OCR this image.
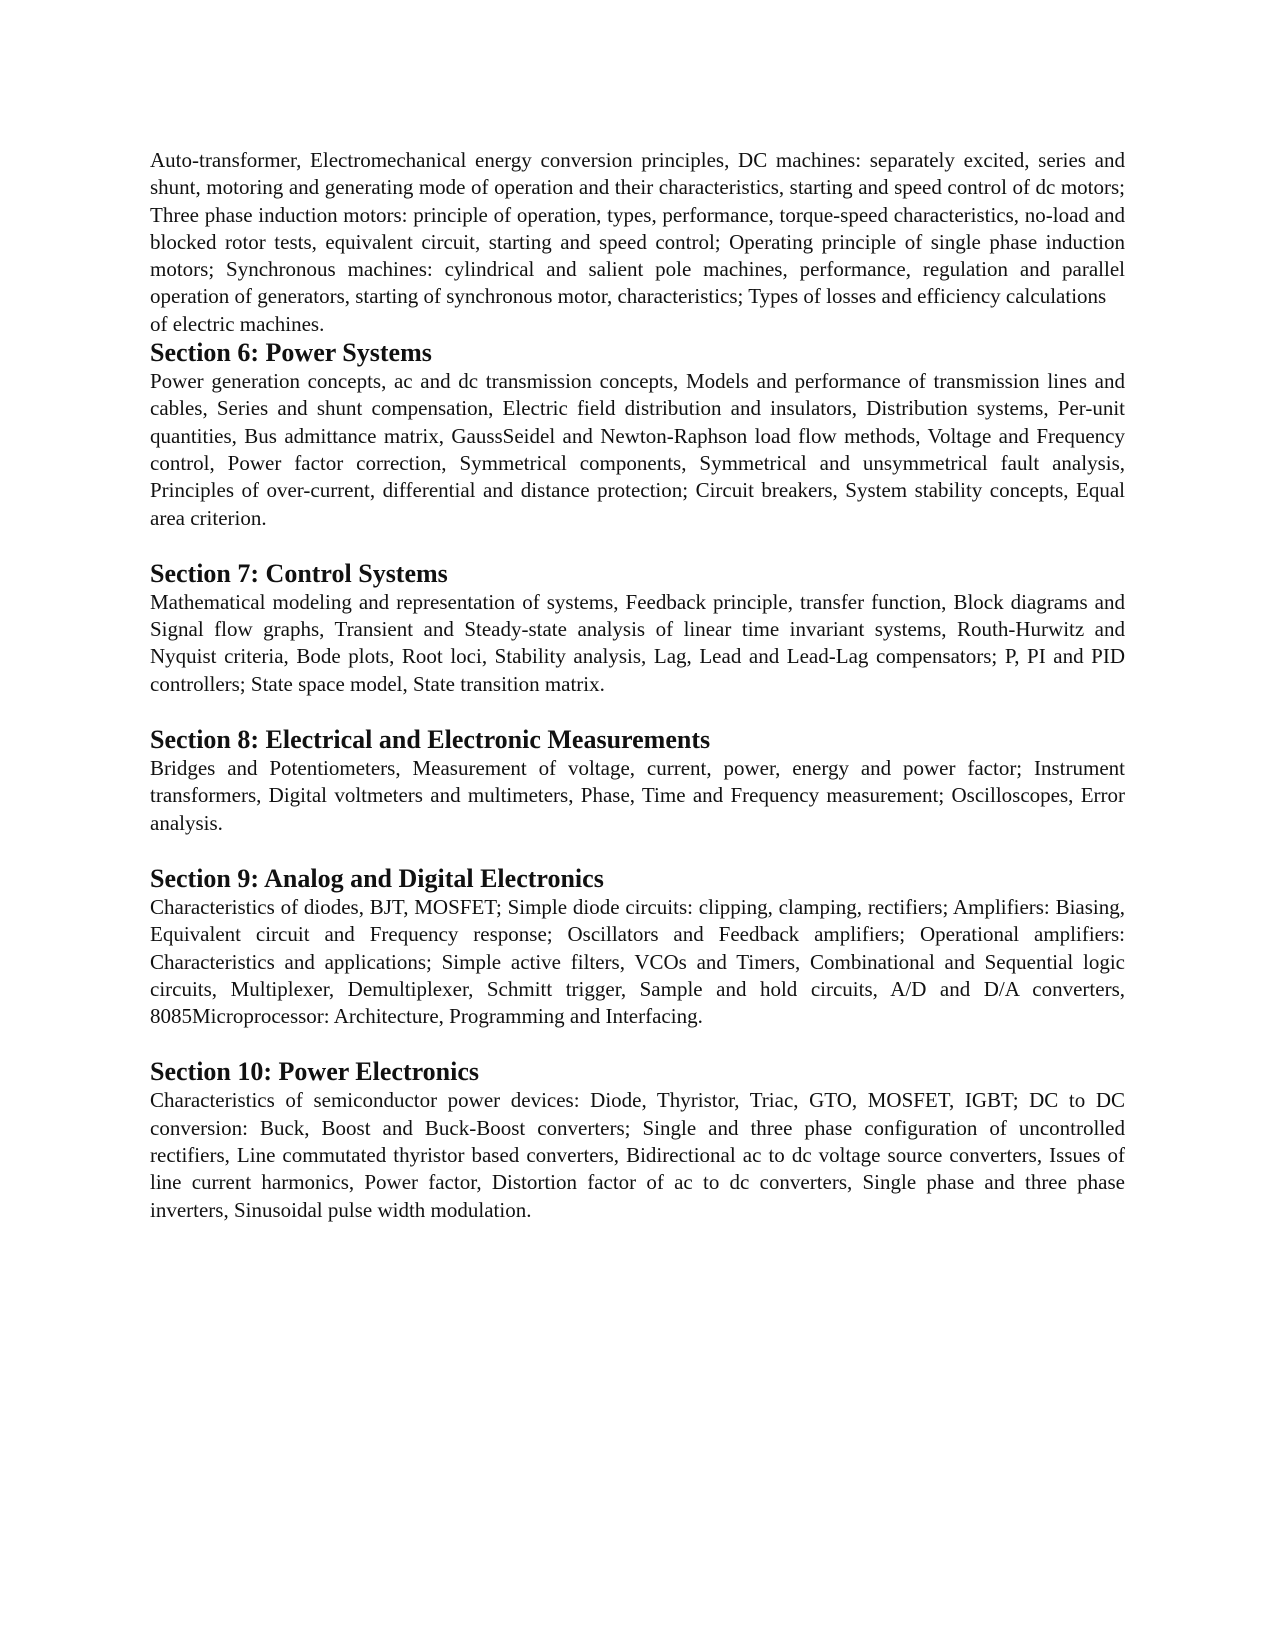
Auto-transformer, Electromechanical energy conversion principles, DC machines: separately excited, series and shunt, motoring and generating mode of operation and their characteristics, starting and speed control of dc motors; Three phase induction motors: principle of operation, types, performance, torque-speed characteristics, no-load and blocked rotor tests, equivalent circuit, starting and speed control; Operating principle of single phase induction motors; Synchronous machines: cylindrical and salient pole machines, performance, regulation and parallel operation of generators, starting of synchronous motor, characteristics; Types of losses and efficiency calculations

of electric machines.

Section 6: Power Systems

Power generation concepts, ac and dc transmission concepts, Models and performance of transmission lines and cables, Series and shunt compensation, Electric field distribution and insulators, Distribution systems, Per-unit quantities, Bus admittance matrix, GaussSeidel and Newton-Raphson load flow methods, Voltage and Frequency control, Power factor correction, Symmetrical components, Symmetrical and unsymmetrical fault analysis, Principles of over-current, differential and distance protection; Circuit breakers, System stability concepts, Equal area criterion.

Section 7: Control Systems

Mathematical modeling and representation of systems, Feedback principle, transfer function, Block diagrams and Signal flow graphs, Transient and Steady-state analysis of linear time invariant systems, Routh-Hurwitz and Nyquist criteria, Bode plots, Root loci, Stability analysis, Lag, Lead and Lead-Lag compensators; P, PI and PID controllers; State space model, State transition matrix.

Section 8: Electrical and Electronic Measurements

Bridges and Potentiometers, Measurement of voltage, current, power, energy and power factor; Instrument transformers, Digital voltmeters and multimeters, Phase, Time and Frequency measurement; Oscilloscopes, Error analysis.

Section 9: Analog and Digital Electronics

Characteristics of diodes, BJT, MOSFET; Simple diode circuits: clipping, clamping, rectifiers; Amplifiers: Biasing, Equivalent circuit and Frequency response; Oscillators and Feedback amplifiers; Operational amplifiers: Characteristics and applications; Simple active filters, VCOs and Timers, Combinational and Sequential logic circuits, Multiplexer, Demultiplexer, Schmitt trigger, Sample and hold circuits, A/D and D/A converters, 8085Microprocessor: Architecture, Programming and Interfacing.

Section 10: Power Electronics

Characteristics of semiconductor power devices: Diode, Thyristor, Triac, GTO, MOSFET, IGBT; DC to DC conversion: Buck, Boost and Buck-Boost converters; Single and three phase configuration of uncontrolled rectifiers, Line commutated thyristor based converters, Bidirectional ac to dc voltage source converters, Issues of line current harmonics, Power factor, Distortion factor of ac to dc converters, Single phase and three phase inverters, Sinusoidal pulse width modulation.
